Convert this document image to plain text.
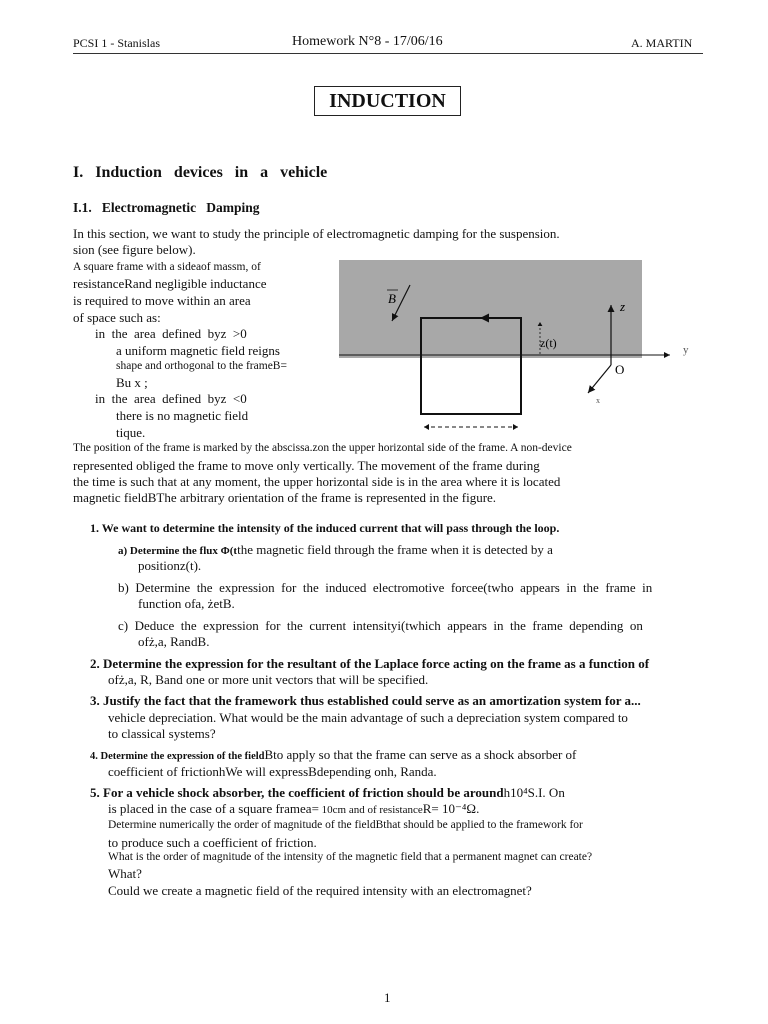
PCSI 1 - Stanislas	Homework N°8 - 17/06/16	A. MARTIN
INDUCTION
I.   Induction   devices   in   a   vehicle
I.1.   Electromagnetic   Damping
In this section, we want to study the principle of electromagnetic damping for the suspension.
sion (see figure below).
A square frame with a sideaof massm, of
resistanceRand negligible inductance
is required to move within an area
of space such as:
in  the  area  defined  byz  >0
a uniform magnetic field reigns
shape and orthogonal to the frameB=
Bu x ;
in  the  area  defined  byz  <0
there is no magnetic field
tique.
B
z
z(t)	y
O
x
The position of the frame is marked by the abscissa.zon the upper horizontal side of the frame. A non-device
represented obliged the frame to move only vertically. The movement of the frame during
the time is such that at any moment, the upper horizontal side is in the area where it is located
magnetic fieldBThe arbitrary orientation of the frame is represented in the figure.
1. We want to determine the intensity of the induced current that will pass through the loop.
a) Determine the flux Φ(tthe magnetic field through the frame when it is detected by a
positionz(t).
b)  Determine  the  expression  for  the  induced  electromotive  forcee(twho  appears  in  the  frame  in
function ofa, żetB.
c)  Deduce  the  expression  for  the  current  intensityi(twhich  appears  in  the  frame  depending  on
ofż,a, RandB.
2. Determine the expression for the resultant of the Laplace force acting on the frame as a function of
ofż,a, R, Band one or more unit vectors that will be specified.
3. Justify the fact that the framework thus established could serve as an amortization system for a...
vehicle depreciation. What would be the main advantage of such a depreciation system compared to
to classical systems?
4. Determine the expression of the fieldBto apply so that the frame can serve as a shock absorber of
coefficient of frictionhWe will expressBdepending onh, Randa.
5. For a vehicle shock absorber, the coefficient of friction should be aroundh10⁴S.I. On
is placed in the case of a square framea= 10cm and of resistanceR= 10⁻⁴Ω.
Determine numerically the order of magnitude of the fieldBthat should be applied to the framework for
to produce such a coefficient of friction.
What is the order of magnitude of the intensity of the magnetic field that a permanent magnet can create?
What?
Could we create a magnetic field of the required intensity with an electromagnet?
1
